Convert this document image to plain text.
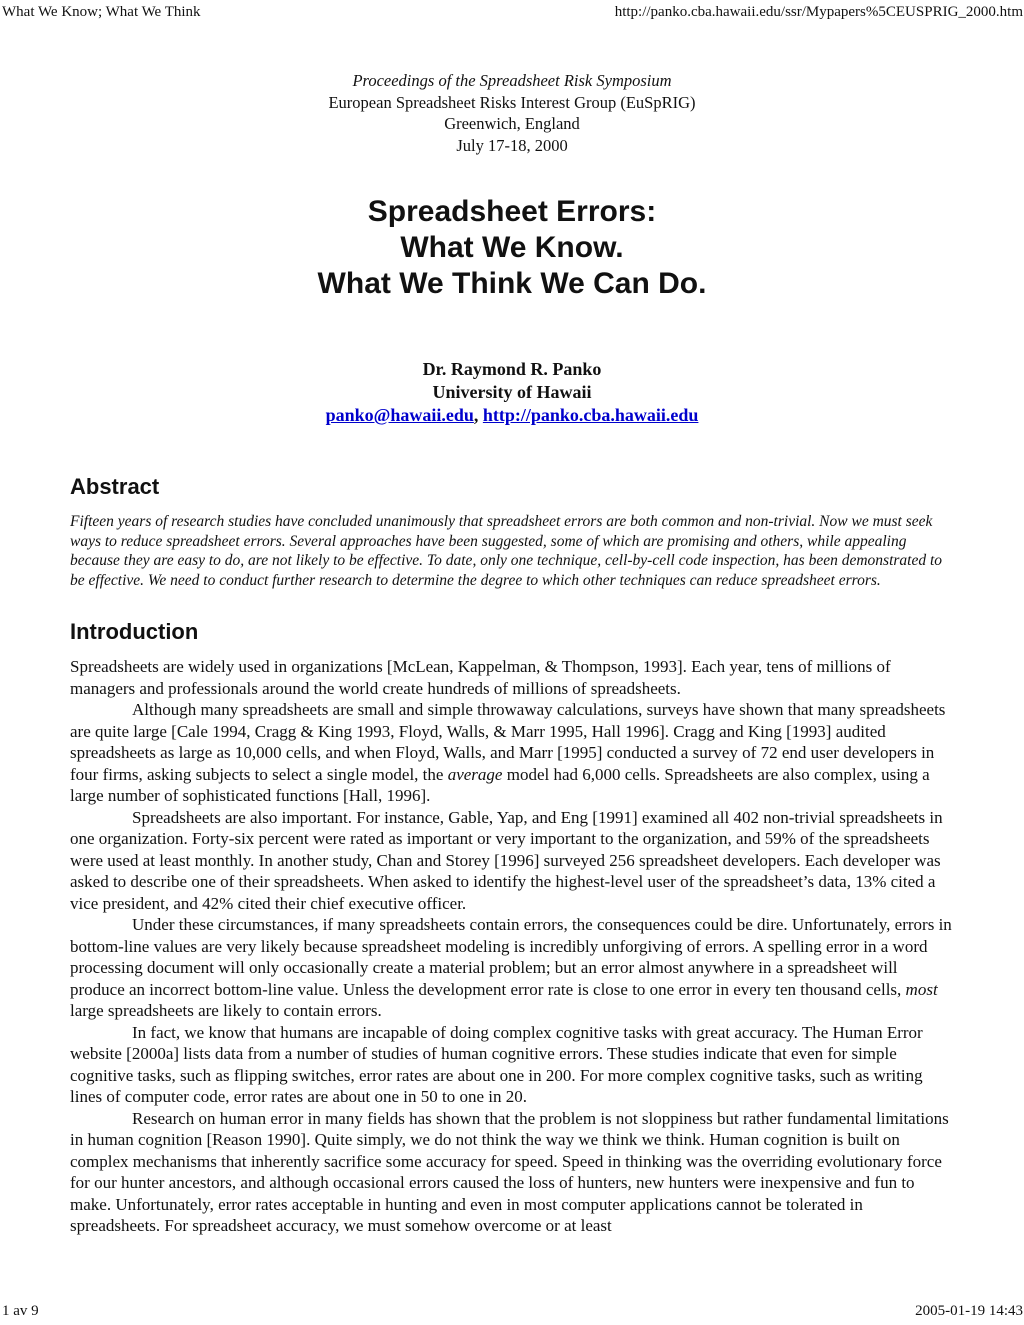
What We Know; What We Think	http://panko.cba.hawaii.edu/ssr/Mypapers%5CEUSPRIG_2000.htm
Proceedings of the Spreadsheet Risk Symposium
European Spreadsheet Risks Interest Group (EuSpRIG)
Greenwich, England
July 17-18, 2000
Spreadsheet Errors:
What We Know.
What We Think We Can Do.
Dr. Raymond R. Panko
University of Hawaii
panko@hawaii.edu, http://panko.cba.hawaii.edu
Abstract
Fifteen years of research studies have concluded unanimously that spreadsheet errors are both common and non-trivial. Now we must seek ways to reduce spreadsheet errors. Several approaches have been suggested, some of which are promising and others, while appealing because they are easy to do, are not likely to be effective. To date, only one technique, cell-by-cell code inspection, has been demonstrated to be effective. We need to conduct further research to determine the degree to which other techniques can reduce spreadsheet errors.
Introduction

Spreadsheets are widely used in organizations [McLean, Kappelman, & Thompson, 1993]. Each year, tens of millions of managers and professionals around the world create hundreds of millions of spreadsheets.

Although many spreadsheets are small and simple throwaway calculations, surveys have shown that many spreadsheets are quite large [Cale 1994, Cragg & King 1993, Floyd, Walls, & Marr 1995, Hall 1996]. Cragg and King [1993] audited spreadsheets as large as 10,000 cells, and when Floyd, Walls, and Marr [1995] conducted a survey of 72 end user developers in four firms, asking subjects to select a single model, the average model had 6,000 cells. Spreadsheets are also complex, using a large number of sophisticated functions [Hall, 1996].

Spreadsheets are also important. For instance, Gable, Yap, and Eng [1991] examined all 402 non-trivial spreadsheets in one organization. Forty-six percent were rated as important or very important to the organization, and 59% of the spreadsheets were used at least monthly. In another study, Chan and Storey [1996] surveyed 256 spreadsheet developers. Each developer was asked to describe one of their spreadsheets. When asked to identify the highest-level user of the spreadsheet’s data, 13% cited a vice president, and 42% cited their chief executive officer.

Under these circumstances, if many spreadsheets contain errors, the consequences could be dire. Unfortunately, errors in bottom-line values are very likely because spreadsheet modeling is incredibly unforgiving of errors. A spelling error in a word processing document will only occasionally create a material problem; but an error almost anywhere in a spreadsheet will produce an incorrect bottom-line value. Unless the development error rate is close to one error in every ten thousand cells, most large spreadsheets are likely to contain errors.

In fact, we know that humans are incapable of doing complex cognitive tasks with great accuracy. The Human Error website [2000a] lists data from a number of studies of human cognitive errors. These studies indicate that even for simple cognitive tasks, such as flipping switches, error rates are about one in 200. For more complex cognitive tasks, such as writing lines of computer code, error rates are about one in 50 to one in 20.

Research on human error in many fields has shown that the problem is not sloppiness but rather fundamental limitations in human cognition [Reason 1990]. Quite simply, we do not think the way we think we think. Human cognition is built on complex mechanisms that inherently sacrifice some accuracy for speed. Speed in thinking was the overriding evolutionary force for our hunter ancestors, and although occasional errors caused the loss of hunters, new hunters were inexpensive and fun to make. Unfortunately, error rates acceptable in hunting and even in most computer applications cannot be tolerated in spreadsheets. For spreadsheet accuracy, we must somehow overcome or at least

1 av 9	2005-01-19 14:43
